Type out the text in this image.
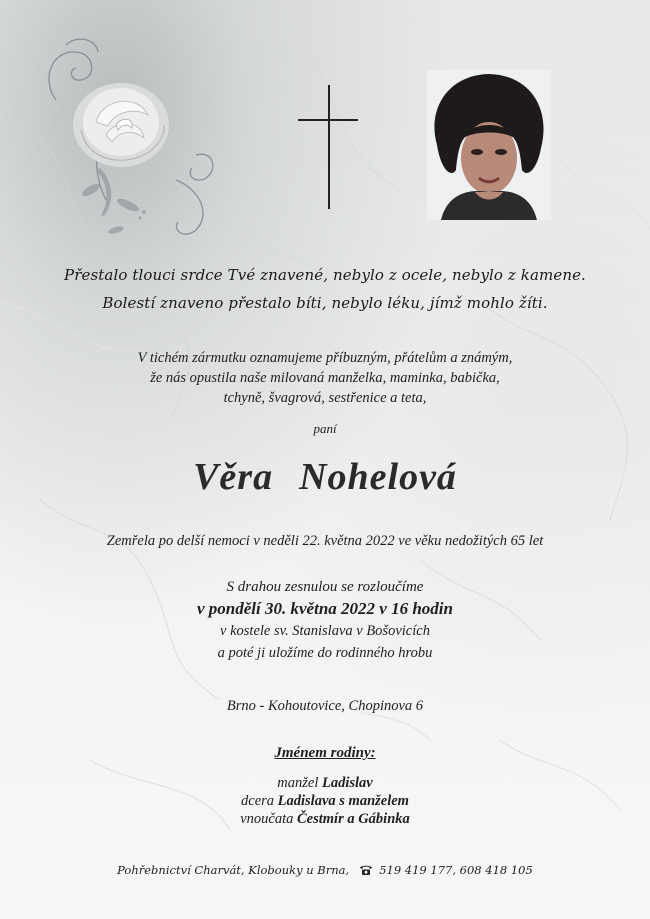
Přestalo tlouci srdce Tvé znavené, nebylo z ocele, nebylo z kamene.
Bolestí znaveno přestalo bíti, nebylo léku, jímž mohlo žíti.
V tichém zármutku oznamujeme příbuzným, přátelům a známým,
že nás opustila naše milovaná manželka, maminka, babička,
tchyně, švagrová, sestřenice a teta,
paní
Věra Nohelová
Zemřela po delší nemoci v neděli 22. května 2022 ve věku nedožitých 65 let
S drahou zesnulou se rozloučíme
v pondělí 30. května 2022 v 16 hodin
v kostele sv. Stanislava v Bošovicích
a poté ji uložíme do rodinného hrobu
Brno - Kohoutovice, Chopinova 6
Jménem rodiny:
manžel Ladislav
dcera Ladislava s manželem
vnoučata Čestmír a Gábinka
Pohřebnictví Charvát, Klobouky u Brna,	519 419 177, 608 418 105
